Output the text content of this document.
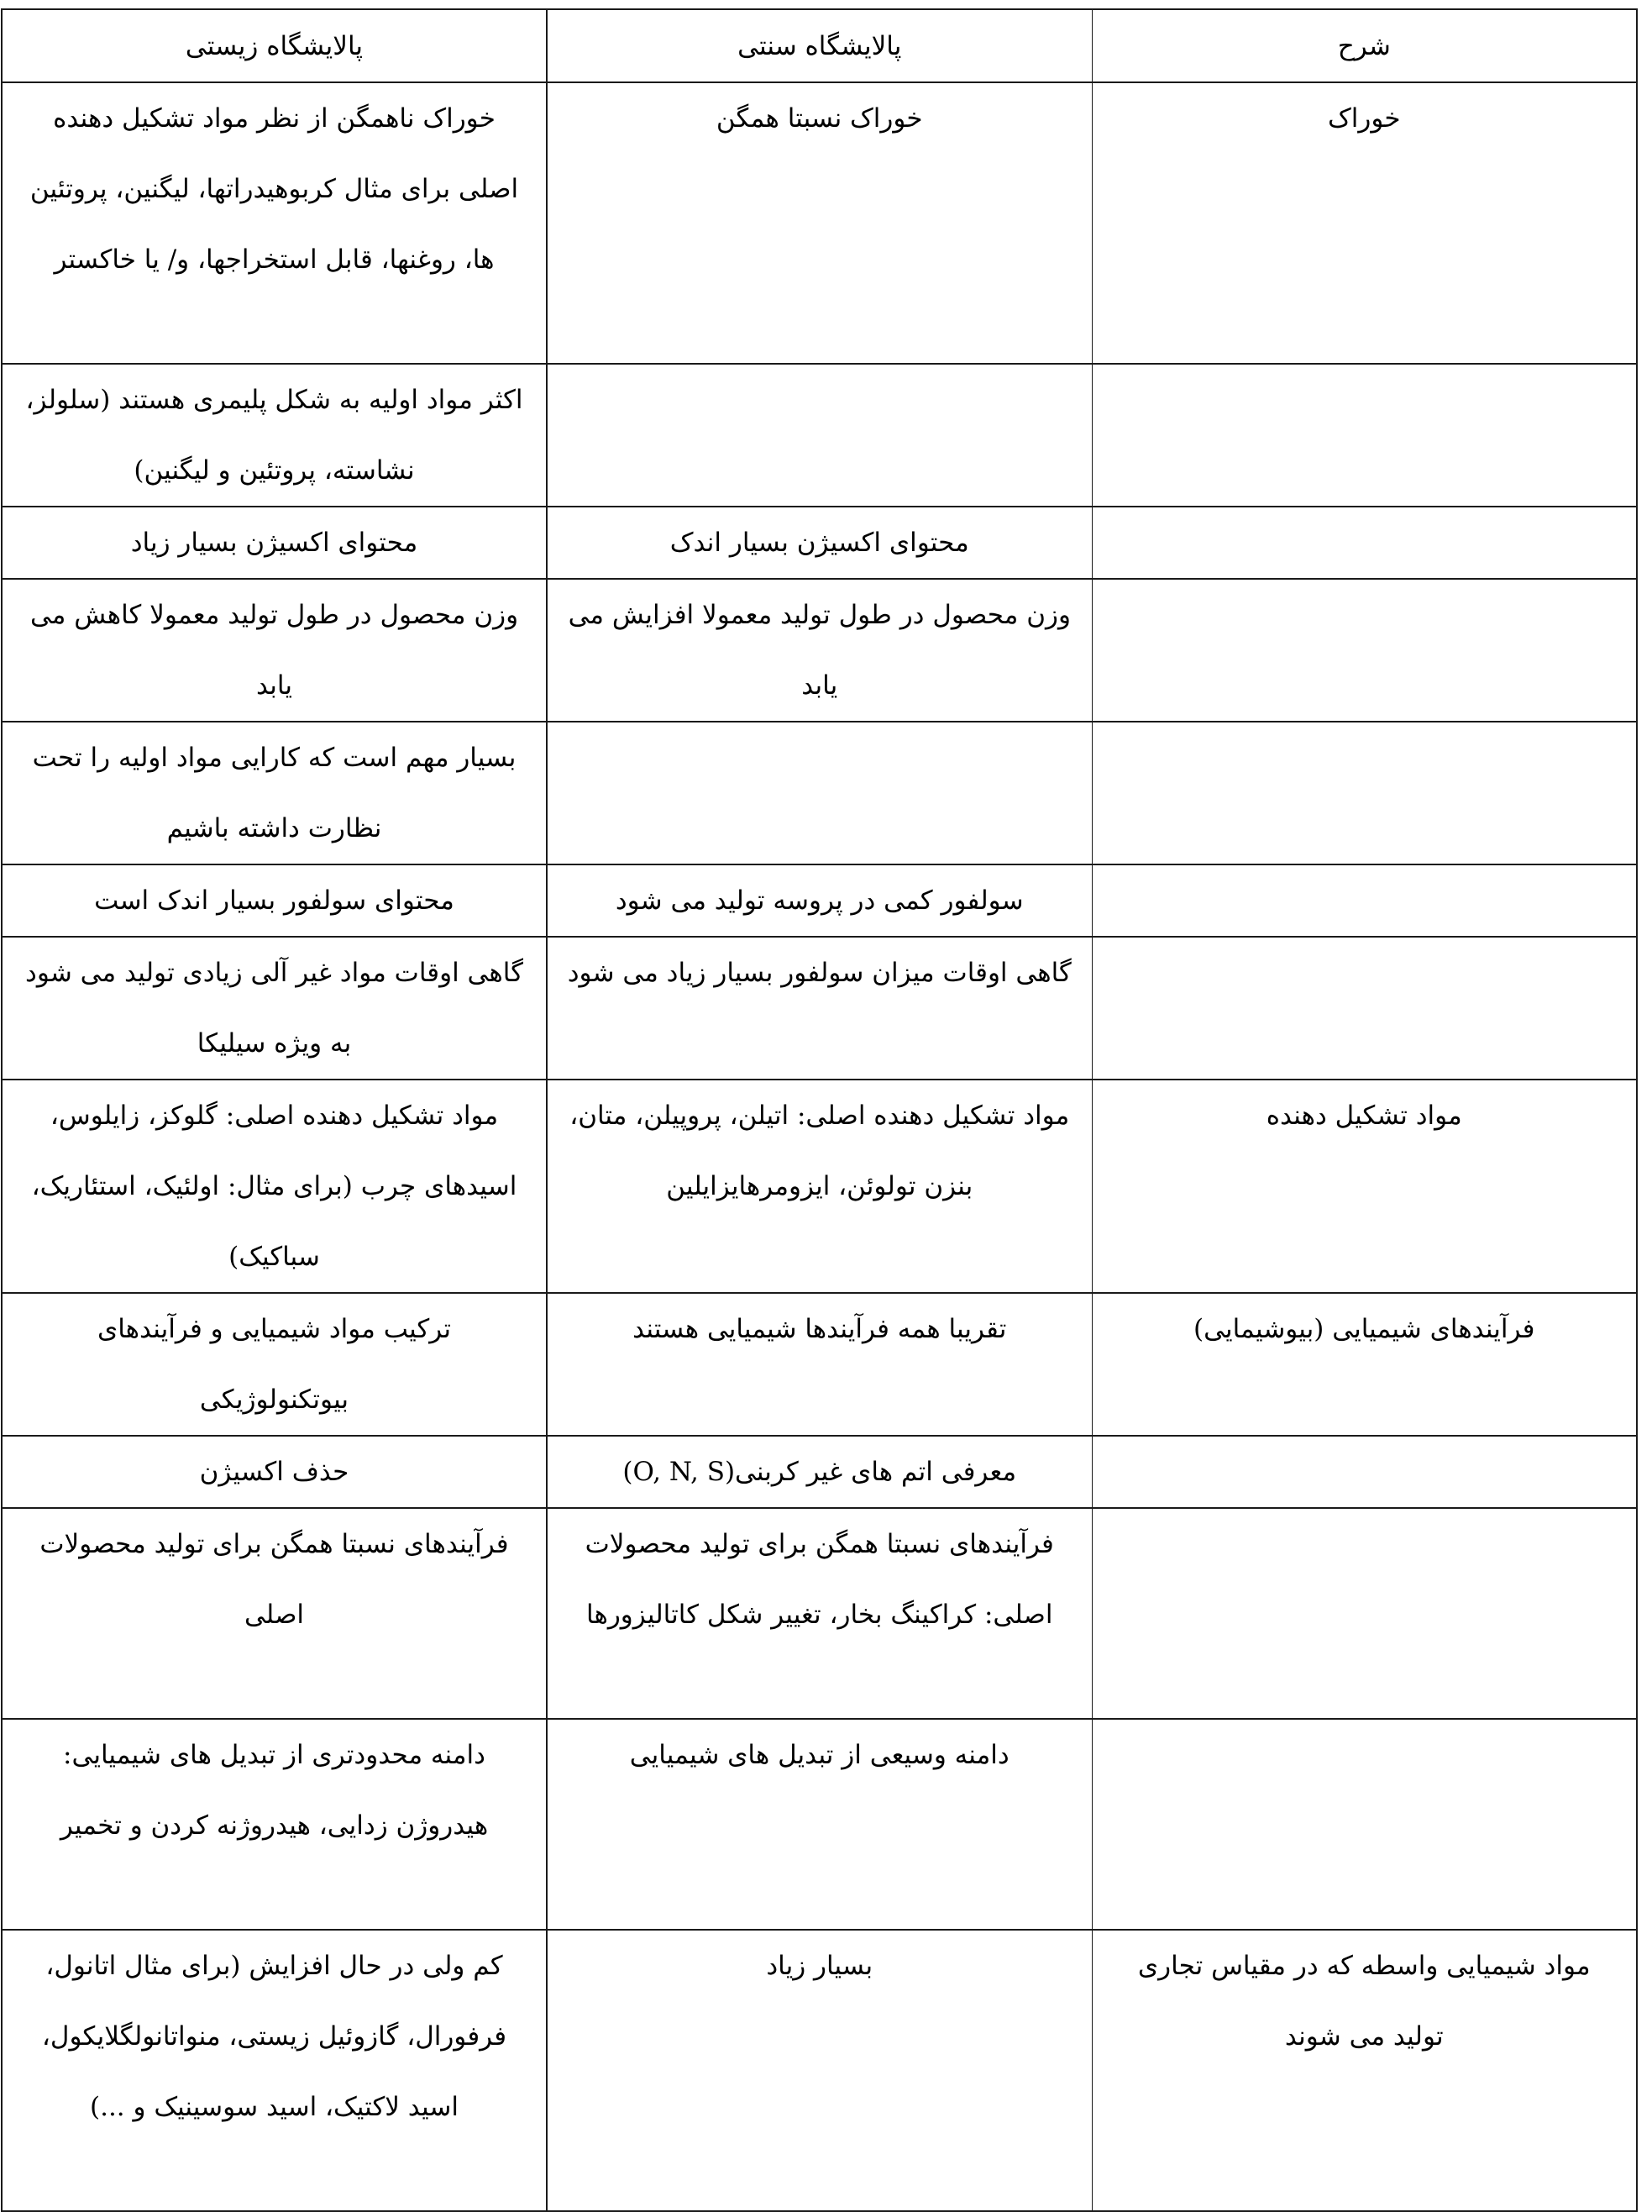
شرح	پالایشگاه سنتی	پالایشگاه زیستی
خوراک	خوراک نسبتا همگن	خوراک ناهمگن از نظر مواد تشکیل دهنده اصلی برای مثال کربوهیدراتها، لیگنین، پروتئین ها، روغنها، قابل استخراجها، و/ یا خاکستر
		اکثر مواد اولیه به شکل پلیمری هستند (سلولز، نشاسته، پروتئین و لیگنین)
	محتوای اکسیژن بسیار اندک	محتوای اکسیژن بسیار زیاد
	وزن محصول در طول تولید معمولا افزایش می یابد	وزن محصول در طول تولید معمولا کاهش می یابد
		بسیار مهم است که کارایی مواد اولیه را تحت نظارت داشته باشیم
	سولفور کمی در پروسه تولید می شود	محتوای سولفور بسیار اندک است
	گاهی اوقات میزان سولفور بسیار زیاد می شود	گاهی اوقات مواد غیر آلی زیادی تولید می شود به ویژه سیلیکا
مواد تشکیل دهنده	مواد تشکیل دهنده اصلی: اتیلن، پروپیلن، متان، بنزن تولوئن، ایزومرهایزایلین	مواد تشکیل دهنده اصلی: گلوکز، زایلوس، اسیدهای چرب (برای مثال: اولئیک، استئاریک، سباکیک)
فرآیندهای شیمیایی (بیوشیمایی)	تقریبا همه فرآیندها شیمیایی هستند	ترکیب مواد شیمیایی و فرآیندهای بیوتکنولوژیکی
	معرفی اتم های غیر کربنی(O, N, S)	حذف اکسیژن
	فرآیندهای نسبتا همگن برای تولید محصولات اصلی: کراکینگ بخار، تغییر شکل کاتالیزورها	فرآیندهای نسبتا همگن برای تولید محصولات اصلی
	دامنه وسیعی از تبدیل های شیمیایی	دامنه محدودتری از تبدیل های شیمیایی: هیدروژن زدایی، هیدروژنه کردن و تخمیر
مواد شیمیایی واسطه که در مقیاس تجاری تولید می شوند	بسیار زیاد	کم ولی در حال افزایش (برای مثال اتانول، فرفورال، گازوئیل زیستی، منواتانولگلایکول، اسید لاکتیک، اسید سوسینیک و ...)
